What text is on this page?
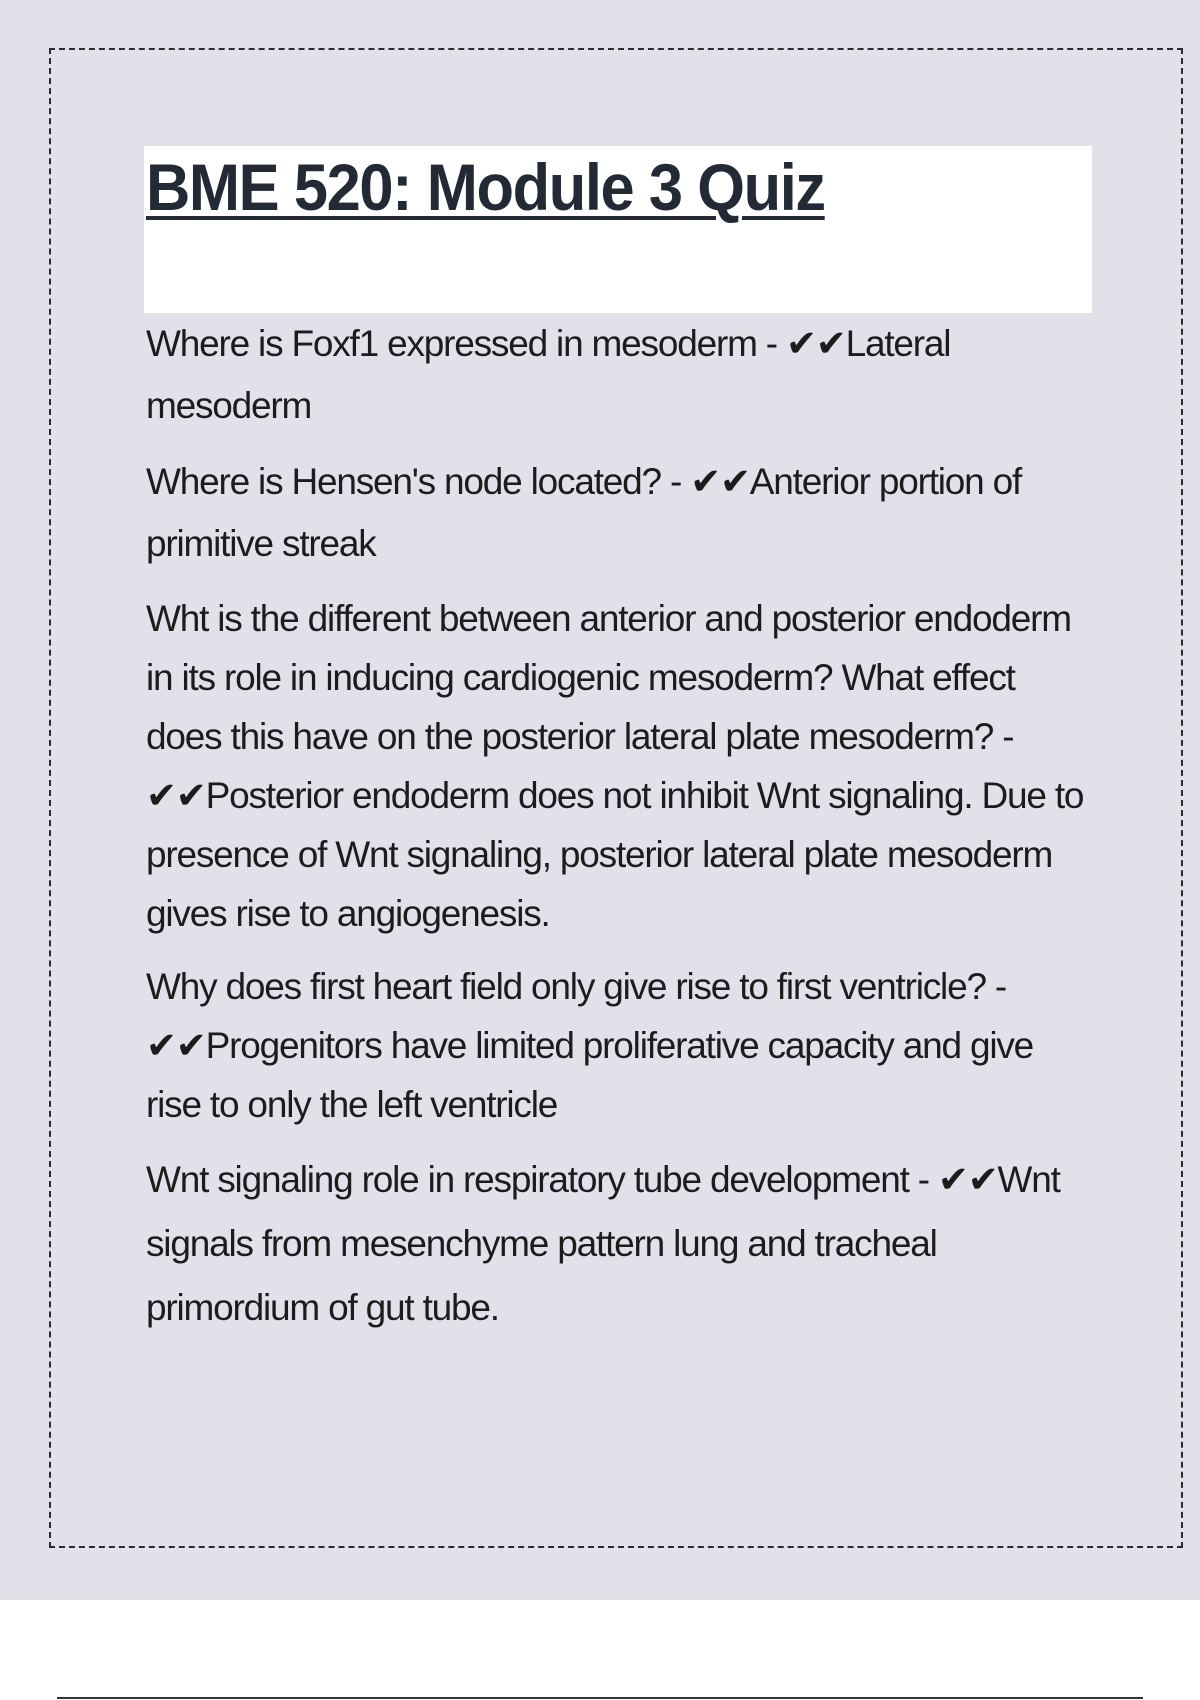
BME 520: Module 3 Quiz
Where is Foxf1 expressed in mesoderm - ✔✔Lateral mesoderm
Where is Hensen's node located? - ✔✔Anterior portion of primitive streak
Wht is the different between anterior and posterior endoderm in its role in inducing cardiogenic mesoderm? What effect does this have on the posterior lateral plate mesoderm? - ✔✔Posterior endoderm does not inhibit Wnt signaling. Due to presence of Wnt signaling, posterior lateral plate mesoderm gives rise to angiogenesis.
Why does first heart field only give rise to first ventricle? - ✔✔Progenitors have limited proliferative capacity and give rise to only the left ventricle
Wnt signaling role in respiratory tube development - ✔✔Wnt signals from mesenchyme pattern lung and tracheal primordium of gut tube.
